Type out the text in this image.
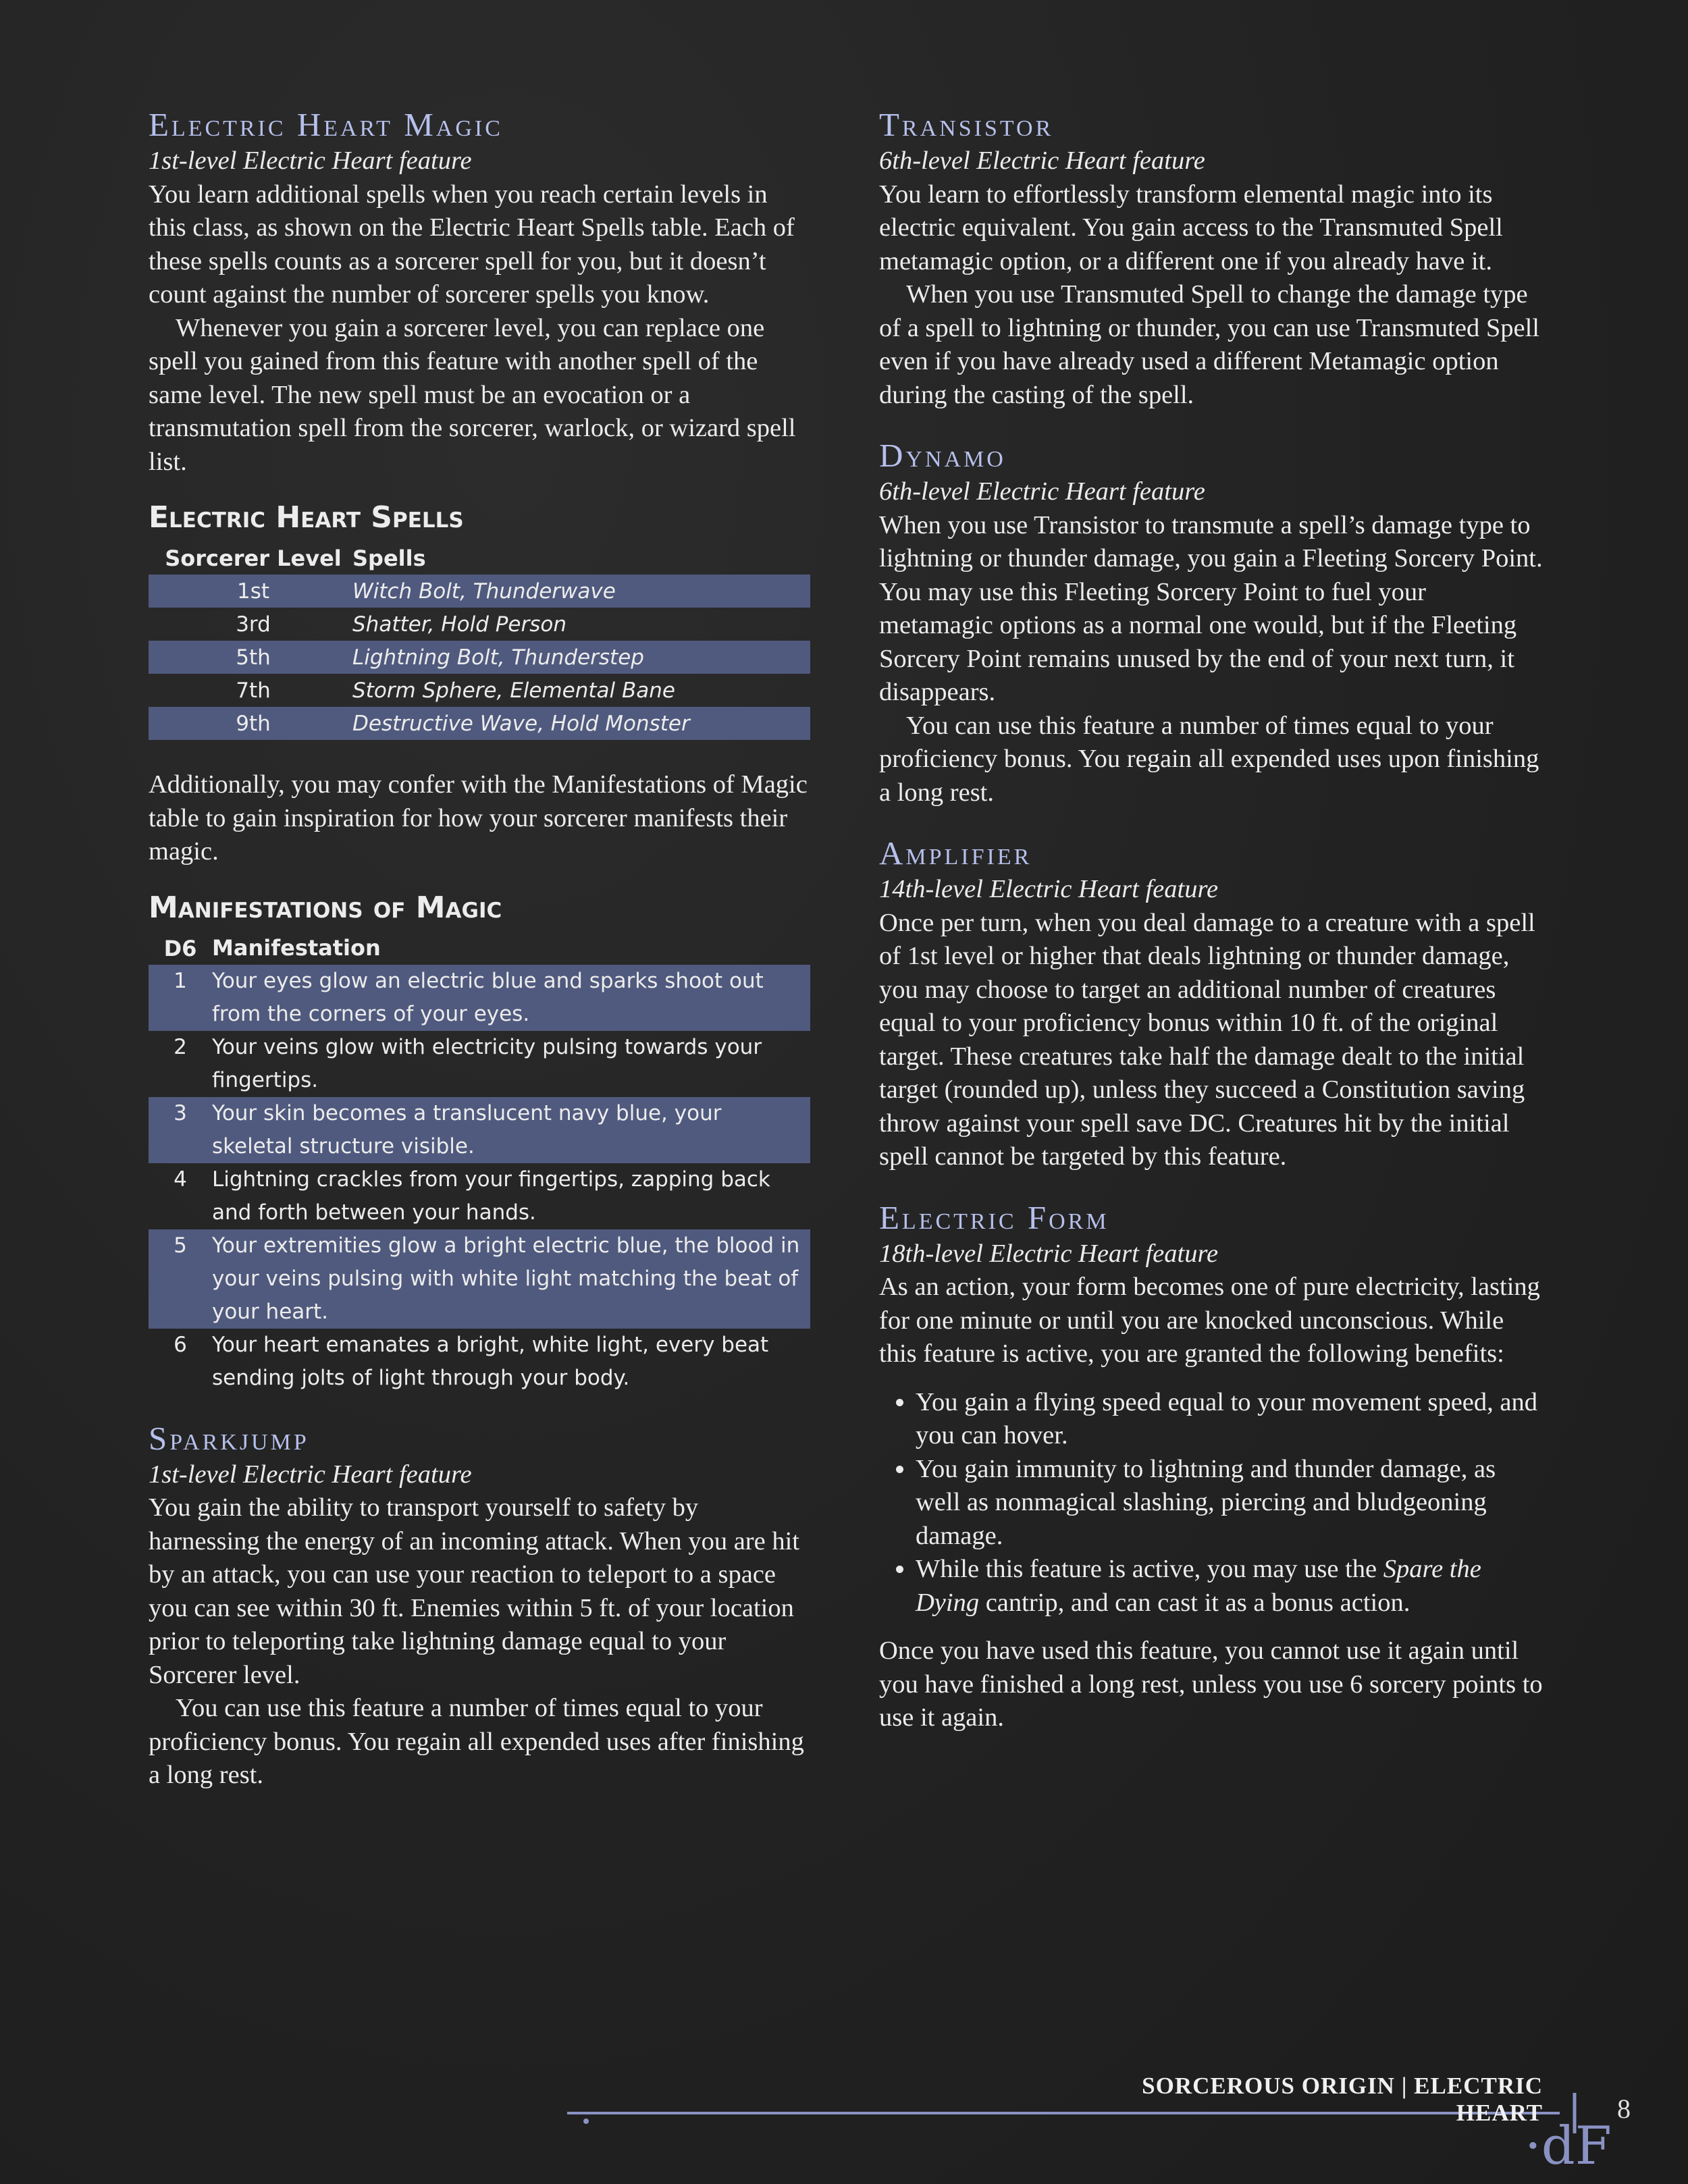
Electric Heart Magic

1st-level Electric Heart feature

You learn additional spells when you reach certain levels in this class, as shown on the Electric Heart Spells table. Each of these spells counts as a sorcerer spell for you, but it doesn’t count against the number of sorcerer spells you know.

Whenever you gain a sorcerer level, you can replace one spell you gained from this feature with another spell of the same level. The new spell must be an evocation or a transmutation spell from the sorcerer, warlock, or wizard spell list.

Electric Heart Spells
Sorcerer Level Spells
1st	Witch Bolt, Thunderwave
3rd	Shatter, Hold Person
5th	Lightning Bolt, Thunderstep
7th	Storm Sphere, Elemental Bane
9th	Destructive Wave, Hold Monster

Additionally, you may confer with the Manifestations of Magic table to gain inspiration for how your sorcerer manifests their magic.

Manifestations of Magic
D6 Manifestation
1	Your eyes glow an electric blue and sparks shoot out from the corners of your eyes.
2	Your veins glow with electricity pulsing towards your fingertips.
3	Your skin becomes a translucent navy blue, your skeletal structure visible.
4	Lightning crackles from your fingertips, zapping back and forth between your hands.
5	Your extremities glow a bright electric blue, the blood in your veins pulsing with white light matching the beat of your heart.
6	Your heart emanates a bright, white light, every beat sending jolts of light through your body.
Sparkjump

1st-level Electric Heart feature

You gain the ability to transport yourself to safety by harnessing the energy of an incoming attack. When you are hit by an attack, you can use your reaction to teleport to a space you can see within 30 ft. Enemies within 5 ft. of your location prior to teleporting take lightning damage equal to your Sorcerer level.

You can use this feature a number of times equal to your proficiency bonus. You regain all expended uses after finishing a long rest.

Transistor

6th-level Electric Heart feature

You learn to effortlessly transform elemental magic into its electric equivalent. You gain access to the Transmuted Spell metamagic option, or a different one if you already have it.

When you use Transmuted Spell to change the damage type of a spell to lightning or thunder, you can use Transmuted Spell even if you have already used a different Metamagic option during the casting of the spell.

Dynamo

6th-level Electric Heart feature

When you use Transistor to transmute a spell’s damage type to lightning or thunder damage, you gain a Fleeting Sorcery Point. You may use this Fleeting Sorcery Point to fuel your metamagic options as a normal one would, but if the Fleeting Sorcery Point remains unused by the end of your next turn, it disappears.

You can use this feature a number of times equal to your proficiency bonus. You regain all expended uses upon finishing a long rest.

Amplifier

14th-level Electric Heart feature

Once per turn, when you deal damage to a creature with a spell of 1st level or higher that deals lightning or thunder damage, you may choose to target an additional number of creatures equal to your proficiency bonus within 10 ft. of the original target. These creatures take half the damage dealt to the initial target (rounded up), unless they succeed a Constitution saving throw against your spell save DC. Creatures hit by the initial spell cannot be targeted by this feature.

Electric Form

18th-level Electric Heart feature

As an action, your form becomes one of pure electricity, lasting for one minute or until you are knocked unconscious. While this feature is active, you are granted the following benefits:

• You gain a flying speed equal to your movement speed, and you can hover.
• You gain immunity to lightning and thunder damage, as well as nonmagical slashing, piercing and bludgeoning damage.
• While this feature is active, you may use the Spare the Dying cantrip, and can cast it as a bonus action.

Once you have used this feature, you cannot use it again until you have finished a long rest, unless you use 6 sorcery points to use it again.

·dF
SORCEROUS ORIGIN | ELECTRIC HEART	8
